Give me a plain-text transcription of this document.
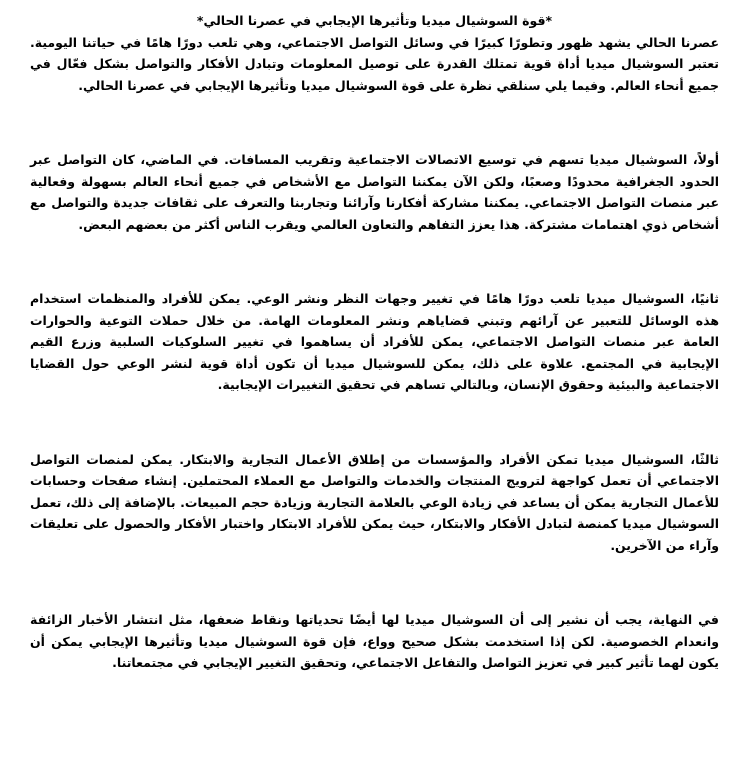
*قوة السوشيال ميديا وتأثيرها الإيجابي في عصرنا الحالي*

عصرنا الحالي يشهد ظهور وتطورًا كبيرًا في وسائل التواصل الاجتماعي، وهي تلعب دورًا هامًا في حياتنا اليومية. تعتبر السوشيال ميديا أداة قوية تمتلك القدرة على توصيل المعلومات وتبادل الأفكار والتواصل بشكل فعّال في جميع أنحاء العالم. وفيما يلي سنلقي نظرة على قوة السوشيال ميديا وتأثيرها الإيجابي في عصرنا الحالي.

أولاً، السوشيال ميديا تسهم في توسيع الاتصالات الاجتماعية وتقريب المسافات. في الماضي، كان التواصل عبر الحدود الجغرافية محدودًا وصعبًا، ولكن الآن يمكننا التواصل مع الأشخاص في جميع أنحاء العالم بسهولة وفعالية عبر منصات التواصل الاجتماعي. يمكننا مشاركة أفكارنا وآرائنا وتجاربنا والتعرف على ثقافات جديدة والتواصل مع أشخاص ذوي اهتمامات مشتركة. هذا يعزز التفاهم والتعاون العالمي ويقرب الناس أكثر من بعضهم البعض.

ثانيًا، السوشيال ميديا تلعب دورًا هامًا في تغيير وجهات النظر ونشر الوعي. يمكن للأفراد والمنظمات استخدام هذه الوسائل للتعبير عن آرائهم وتبني قضاياهم ونشر المعلومات الهامة. من خلال حملات التوعية والحوارات العامة عبر منصات التواصل الاجتماعي، يمكن للأفراد أن يساهموا في تغيير السلوكيات السلبية وزرع القيم الإيجابية في المجتمع. علاوة على ذلك، يمكن للسوشيال ميديا أن تكون أداة قوية لنشر الوعي حول القضايا الاجتماعية والبيئية وحقوق الإنسان، وبالتالي تساهم في تحقيق التغييرات الإيجابية.

ثالثًا، السوشيال ميديا تمكن الأفراد والمؤسسات من إطلاق الأعمال التجارية والابتكار. يمكن لمنصات التواصل الاجتماعي أن تعمل كواجهة لترويج المنتجات والخدمات والتواصل مع العملاء المحتملين. إنشاء صفحات وحسابات للأعمال التجارية يمكن أن يساعد في زيادة الوعي بالعلامة التجارية وزيادة حجم المبيعات. بالإضافة إلى ذلك، تعمل السوشيال ميديا كمنصة لتبادل الأفكار والابتكار، حيث يمكن للأفراد الابتكار واختبار الأفكار والحصول على تعليقات وآراء من الآخرين.

في النهاية، يجب أن نشير إلى أن السوشيال ميديا لها أيضًا تحدياتها ونقاط ضعفها، مثل انتشار الأخبار الزائفة وانعدام الخصوصية. لكن إذا استخدمت بشكل صحيح وواع، فإن قوة السوشيال ميديا وتأثيرها الإيجابي يمكن أن يكون لهما تأثير كبير في تعزيز التواصل والتفاعل الاجتماعي، وتحقيق التغيير الإيجابي في مجتمعاتنا.
